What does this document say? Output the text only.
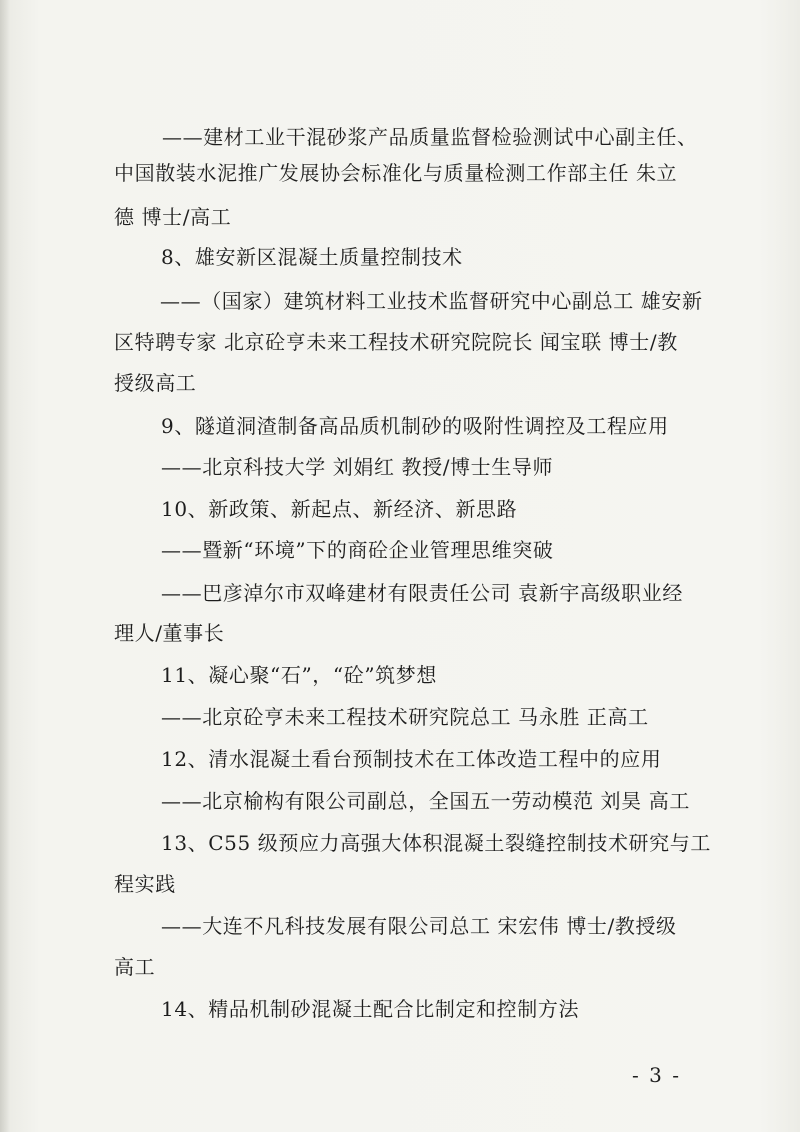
——建材工业干混砂浆产品质量监督检验测试中心副主任、
中国散装水泥推广发展协会标准化与质量检测工作部主任 朱立
德 博士/高工
8、雄安新区混凝土质量控制技术
——（国家）建筑材料工业技术监督研究中心副总工 雄安新
区特聘专家 北京砼亨未来工程技术研究院院长 闻宝联 博士/教
授级高工
9、隧道洞渣制备高品质机制砂的吸附性调控及工程应用
——北京科技大学 刘娟红 教授/博士生导师
10、新政策、新起点、新经济、新思路
——暨新“环境”下的商砼企业管理思维突破
——巴彦淖尔市双峰建材有限责任公司 袁新宇高级职业经
理人/董事长
11、凝心聚“石”，“砼”筑梦想
——北京砼亨未来工程技术研究院总工 马永胜 正高工
12、清水混凝土看台预制技术在工体改造工程中的应用
——北京榆构有限公司副总，全国五一劳动模范 刘昊 高工
13、C55 级预应力高强大体积混凝土裂缝控制技术研究与工
程实践
——大连不凡科技发展有限公司总工 宋宏伟 博士/教授级
高工
14、精品机制砂混凝土配合比制定和控制方法
- 3 -
